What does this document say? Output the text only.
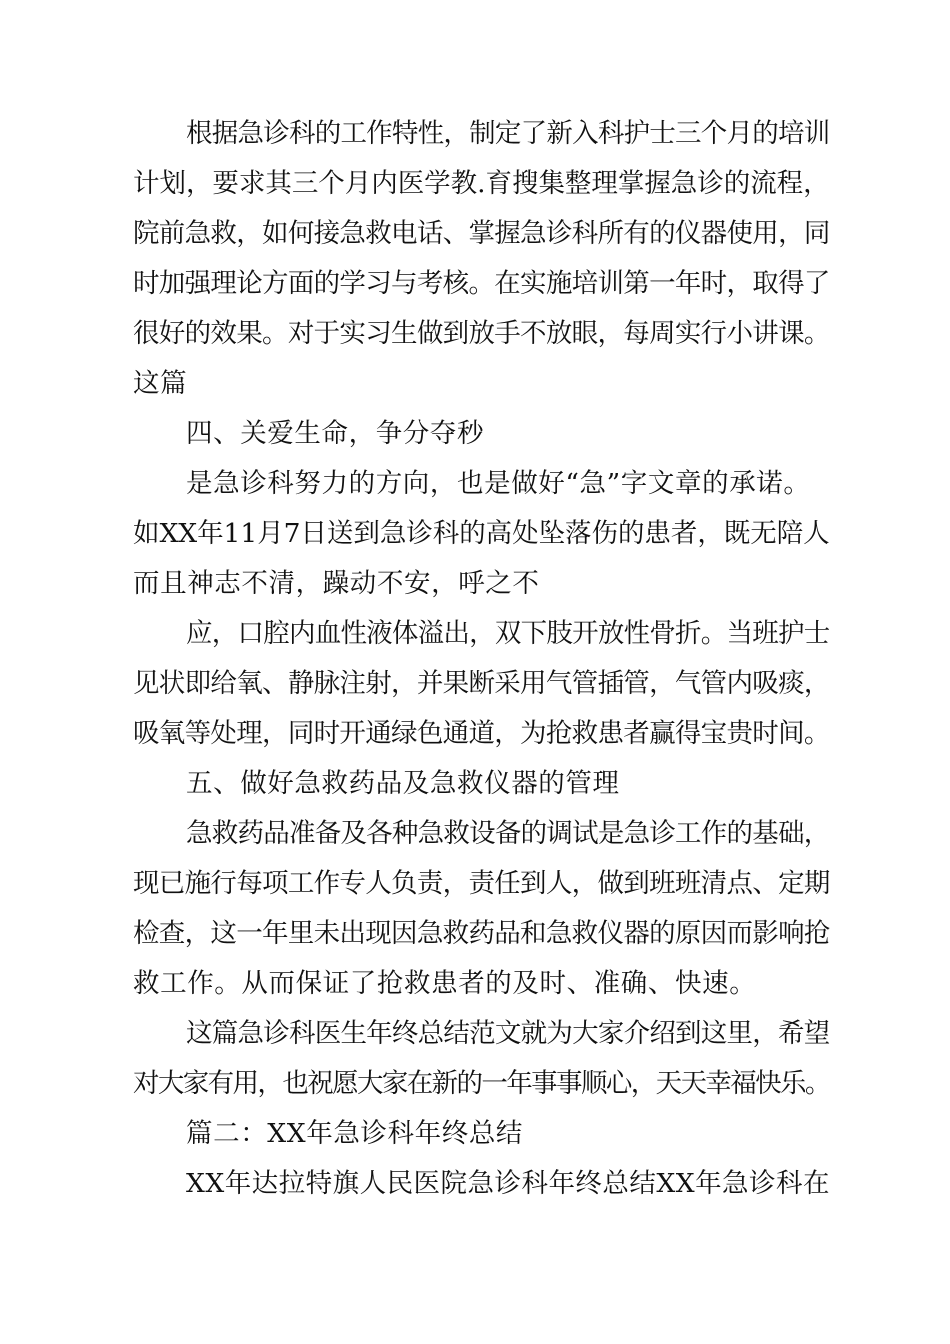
根据急诊科的工作特性，制定了新入科护士三个月的培训
计划，要求其三个月内医学教.育搜集整理掌握急诊的流程，
院前急救，如何接急救电话、掌握急诊科所有的仪器使用，同
时加强理论方面的学习与考核。在实施培训第一年时，取得了
很好的效果。对于实习生做到放手不放眼，每周实行小讲课。
这篇
四、关爱生命，争分夺秒
是急诊科努力的方向，也是做好“急”字文章的承诺。
如XX年11月7日送到急诊科的高处坠落伤的患者，既无陪人
而且神志不清，躁动不安，呼之不
应，口腔内血性液体溢出，双下肢开放性骨折。当班护士
见状即给氧、静脉注射，并果断采用气管插管，气管内吸痰，
吸氧等处理，同时开通绿色通道，为抢救患者赢得宝贵时间。
五、做好急救药品及急救仪器的管理
急救药品准备及各种急救设备的调试是急诊工作的基础，
现已施行每项工作专人负责，责任到人，做到班班清点、定期
检查，这一年里未出现因急救药品和急救仪器的原因而影响抢
救工作。从而保证了抢救患者的及时、准确、快速。
这篇急诊科医生年终总结范文就为大家介绍到这里，希望
对大家有用，也祝愿大家在新的一年事事顺心，天天幸福快乐。
篇二：XX年急诊科年终总结
XX年达拉特旗人民医院急诊科年终总结XX年急诊科在
